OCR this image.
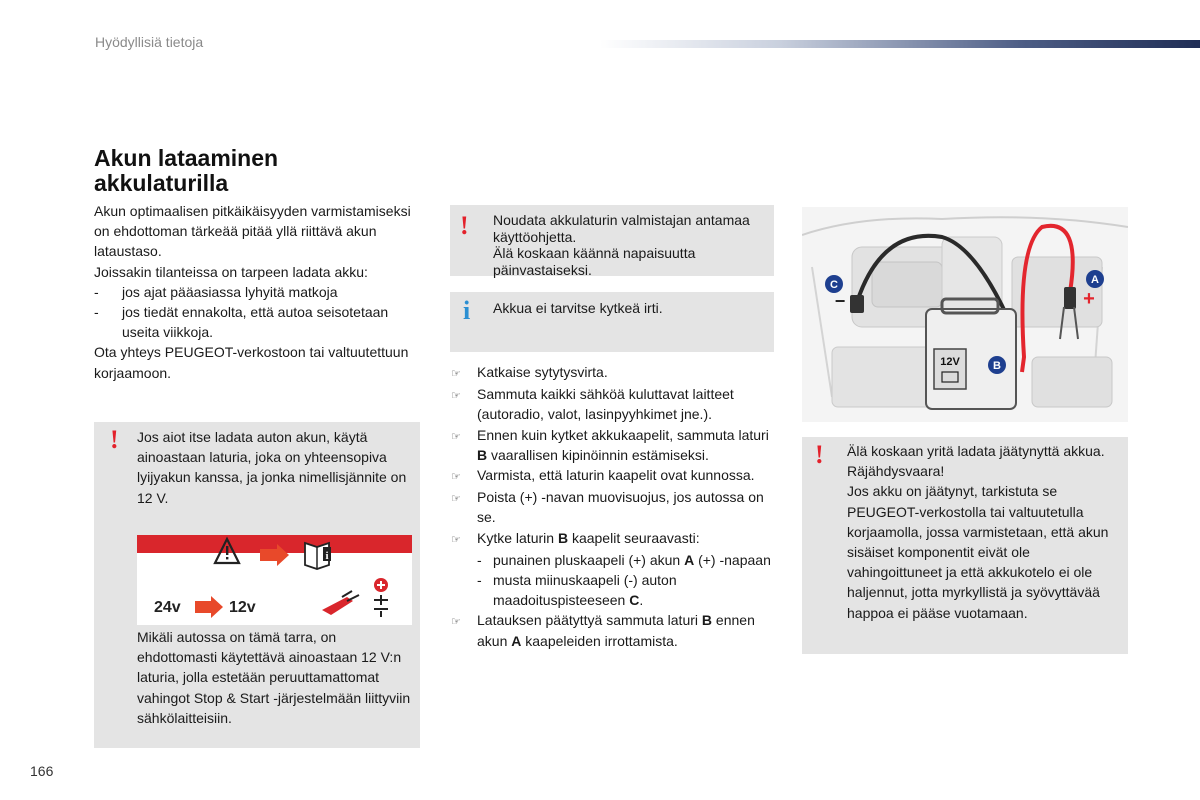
Hyödyllisiä tietoja
Akun lataaminen
akkulaturilla

Akun optimaalisen pitkäikäisyyden varmistamiseksi on ehdottoman tärkeää pitää yllä riittävä akun lataustaso.

Joissakin tilanteissa on tarpeen ladata akku:

-	jos ajat pääasiassa lyhyitä matkoja
-	jos tiedät ennakolta, että autoa seisotetaan useita viikkoja.

Ota yhteys PEUGEOT-verkostoon tai valtuutettuun korjaamoon.

! Jos aiot itse ladata auton akun, käytä ainoastaan laturia, joka on yhteensopiva lyijyakun kanssa, ja jonka nimellisjännite on 12 V.
i
24v	12v
Mikäli autossa on tämä tarra, on ehdottomasti käytettävä ainoastaan 12 V:n laturia, jolla estetään peruuttamattomat vahingot Stop & Start -järjestelmään liittyviin sähkölaitteisiin.
! Noudata akkulaturin valmistajan antamaa käyttöohjetta.
Älä koskaan käännä napaisuutta päinvastaiseksi.
i Akkua ei tarvitse kytkeä irti.
☞	Katkaise sytytysvirta.
☞	Sammuta kaikki sähköä kuluttavat laitteet (autoradio, valot, lasinpyyhkimet jne.).
☞	Ennen kuin kytket akkukaapelit, sammuta laturi B vaarallisen kipinöinnin estämiseksi.
☞	Varmista, että laturin kaapelit ovat kunnossa.
☞	Poista (+) -navan muovisuojus, jos autossa on se.
☞	Kytke laturin B kaapelit seuraavasti:
- punainen pluskaapeli (+) akun A (+) -napaan
- musta miinuskaapeli (-) auton maadoituspisteeseen C.
☞	Latauksen päätyttyä sammuta laturi B ennen akun A kaapeleiden irrottamista.
12V	B
C
−
A
+
! Älä koskaan yritä ladata jäätynyttä akkua. Räjähdysvaara!

Jos akku on jäätynyt, tarkistuta se PEUGEOT-verkostolla tai valtuutetulla korjaamolla, jossa varmistetaan, että akun sisäiset komponentit eivät ole vahingoittuneet ja että akkukotelo ei ole haljennut, jotta myrkyllistä ja syövyttävää happoa ei pääse vuotamaan.

166
